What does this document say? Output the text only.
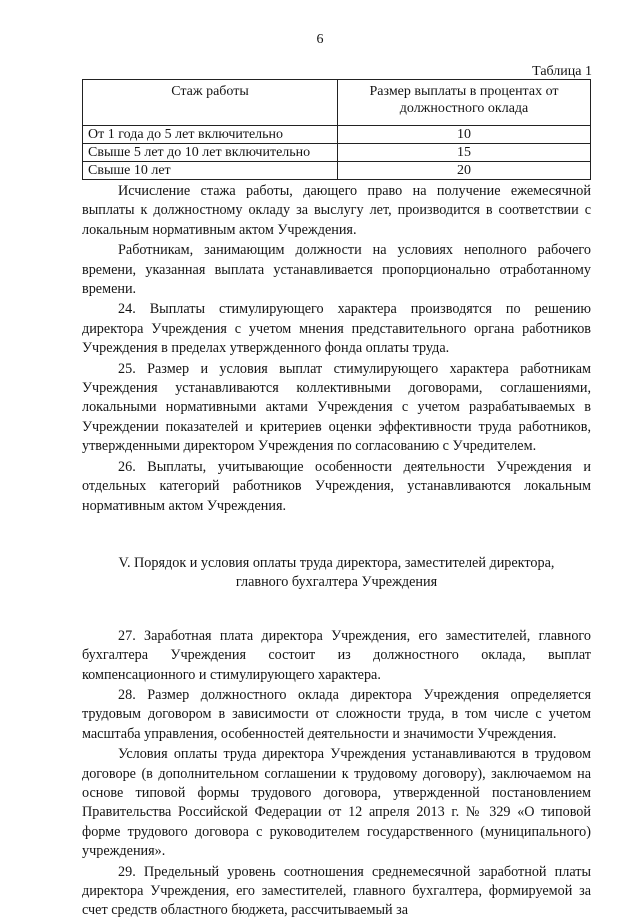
6
Таблица 1
Стаж работы	Размер выплаты в процентах от должностного оклада
От 1 года до 5 лет включительно	10
Свыше 5 лет до 10 лет включительно	15
Свыше 10 лет	20

Исчисление стажа работы, дающего право на получение ежемесячной выплаты к должностному окладу за выслугу лет, производится в соответствии с локальным нормативным актом Учреждения.

Работникам, занимающим должности на условиях неполного рабочего времени, указанная выплата устанавливается пропорционально отработанному времени.

24. Выплаты стимулирующего характера производятся по решению директора Учреждения с учетом мнения представительного органа работников Учреждения в пределах утвержденного фонда оплаты труда.

25. Размер и условия выплат стимулирующего характера работникам Учреждения устанавливаются коллективными договорами, соглашениями, локальными нормативными актами Учреждения с учетом разрабатываемых в Учреждении показателей и критериев оценки эффективности труда работников, утвержденными директором Учреждения по согласованию с Учредителем.

26. Выплаты, учитывающие особенности деятельности Учреждения и отдельных категорий работников Учреждения, устанавливаются локальным нормативным актом Учреждения.

V. Порядок и условия оплаты труда директора, заместителей директора,
главного бухгалтера Учреждения

27. Заработная плата директора Учреждения, его заместителей, главного бухгалтера Учреждения состоит из должностного оклада, выплат компенсационного и стимулирующего характера.

28. Размер должностного оклада директора Учреждения определяется трудовым договором в зависимости от сложности труда, в том числе с учетом масштаба управления, особенностей деятельности и значимости Учреждения.

Условия оплаты труда директора Учреждения устанавливаются в трудовом договоре (в дополнительном соглашении к трудовому договору), заключаемом на основе типовой формы трудового договора, утвержденной постановлением Правительства Российской Федерации от 12 апреля 2013 г. № 329 «О типовой форме трудового договора с руководителем государственного (муниципального) учреждения».

29. Предельный уровень соотношения среднемесячной заработной платы директора Учреждения, его заместителей, главного бухгалтера, формируемой за счет средств областного бюджета, рассчитываемый за
